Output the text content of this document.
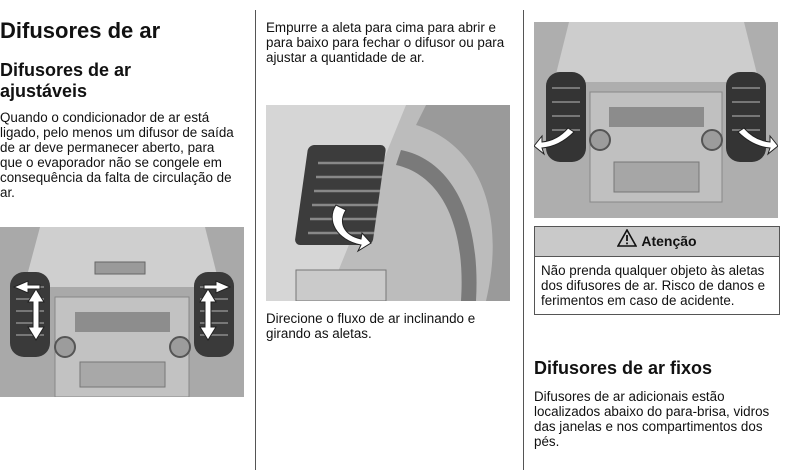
Difusores de ar
Difusores de ar ajustáveis

Quando o condicionador de ar está ligado, pelo menos um difusor de saída de ar deve permanecer aberto, para que o evaporador não se congele em consequência da falta de circulação de ar.

Empurre a aleta para cima para abrir e para baixo para fechar o difusor ou para ajustar a quantidade de ar.

Direcione o fluxo de ar inclinando e girando as aletas.

Atenção
Não prenda qualquer objeto às aletas dos difusores de ar. Risco de danos e ferimentos em caso de acidente.
Difusores de ar fixos

Difusores de ar adicionais estão localizados abaixo do para-brisa, vidros das janelas e nos compartimentos dos pés.
